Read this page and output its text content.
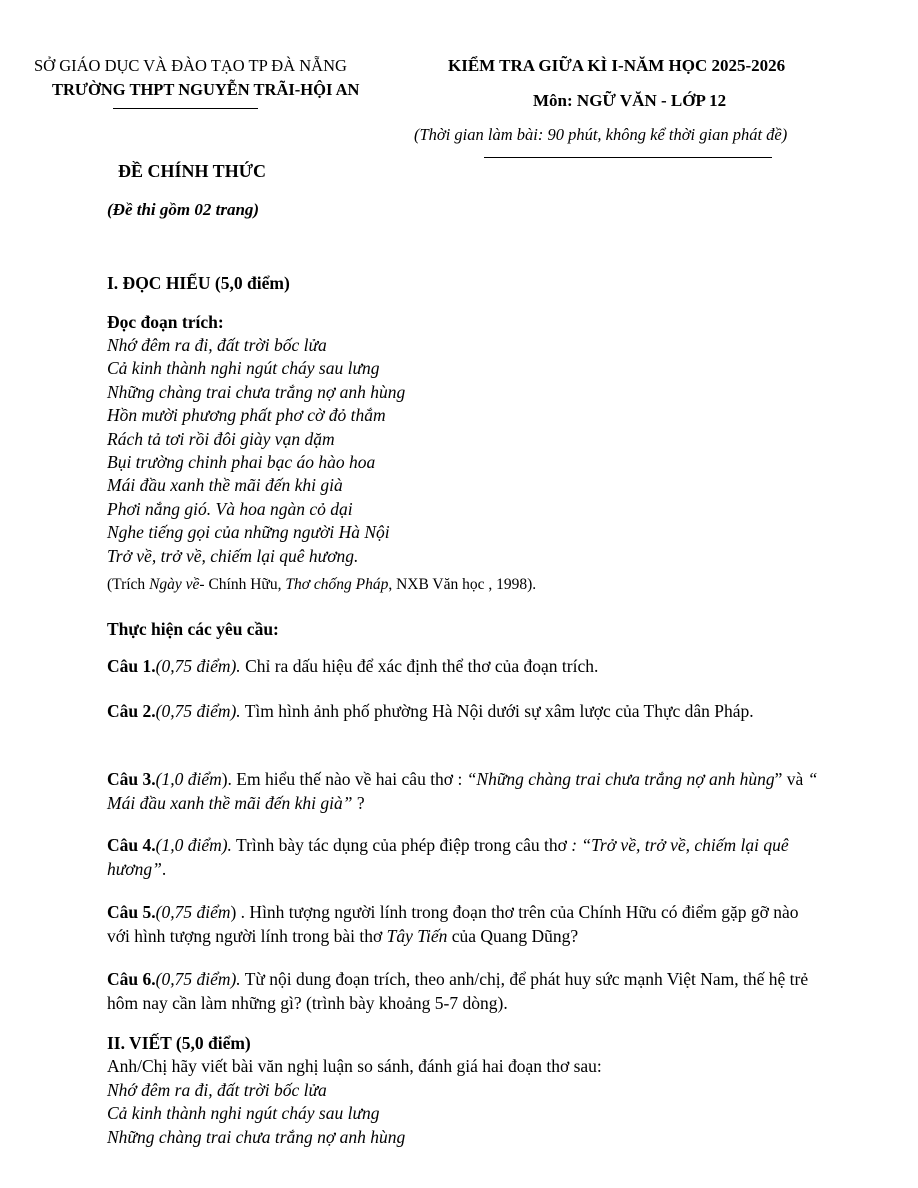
SỞ GIÁO DỤC VÀ ĐÀO TẠO TP ĐÀ NẴNG
TRƯỜNG THPT NGUYỄN TRÃI-HỘI AN
KIỂM TRA GIỮA KÌ I-NĂM HỌC 2025-2026
Môn: NGỮ VĂN - LỚP 12
(Thời gian làm bài: 90 phút, không kể thời gian phát đề)
ĐỀ CHÍNH THỨC
(Đề thi gồm 02 trang)
I. ĐỌC HIỂU (5,0 điểm)
Đọc đoạn trích:
Nhớ đêm ra đi, đất trời bốc lửa
Cả kinh thành nghi ngút cháy sau lưng
Những chàng trai chưa trắng nợ anh hùng
Hồn mười phương phất phơ cờ đỏ thắm
Rách tả tơi rồi đôi giày vạn dặm
Bụi trường chinh phai bạc áo hào hoa
Mái đầu xanh thề mãi đến khi già
Phơi nắng gió. Và hoa ngàn cỏ dại
Nghe tiếng gọi của những người Hà Nội
Trở về, trở về, chiếm lại quê hương.
(Trích Ngày về- Chính Hữu, Thơ chống Pháp, NXB Văn học , 1998).
Thực hiện các yêu cầu:
Câu 1.(0,75 điểm). Chỉ ra dấu hiệu để xác định thể thơ của đoạn trích.
Câu 2.(0,75 điểm). Tìm hình ảnh phố phường Hà Nội dưới sự xâm lược của Thực dân Pháp.
Câu 3.(1,0 điểm). Em hiểu thế nào về hai câu thơ : “Những chàng trai chưa trắng nợ anh hùng” và “ Mái đầu xanh thề mãi đến khi già” ?
Câu 4.(1,0 điểm). Trình bày tác dụng của phép điệp trong câu thơ : “Trở về, trở về, chiếm lại quê hương”.
Câu 5.(0,75 điểm) . Hình tượng người lính trong đoạn thơ trên của Chính Hữu có điểm gặp gỡ nào với hình tượng người lính trong bài thơ Tây Tiến của Quang Dũng?
Câu 6.(0,75 điểm). Từ nội dung đoạn trích, theo anh/chị, để phát huy sức mạnh Việt Nam, thế hệ trẻ hôm nay cần làm những gì? (trình bày khoảng 5-7 dòng).
II. VIẾT (5,0 điểm)
Anh/Chị hãy viết bài văn nghị luận so sánh, đánh giá hai đoạn thơ sau:
Nhớ đêm ra đi, đất trời bốc lửa
Cả kinh thành nghi ngút cháy sau lưng
Những chàng trai chưa trắng nợ anh hùng
